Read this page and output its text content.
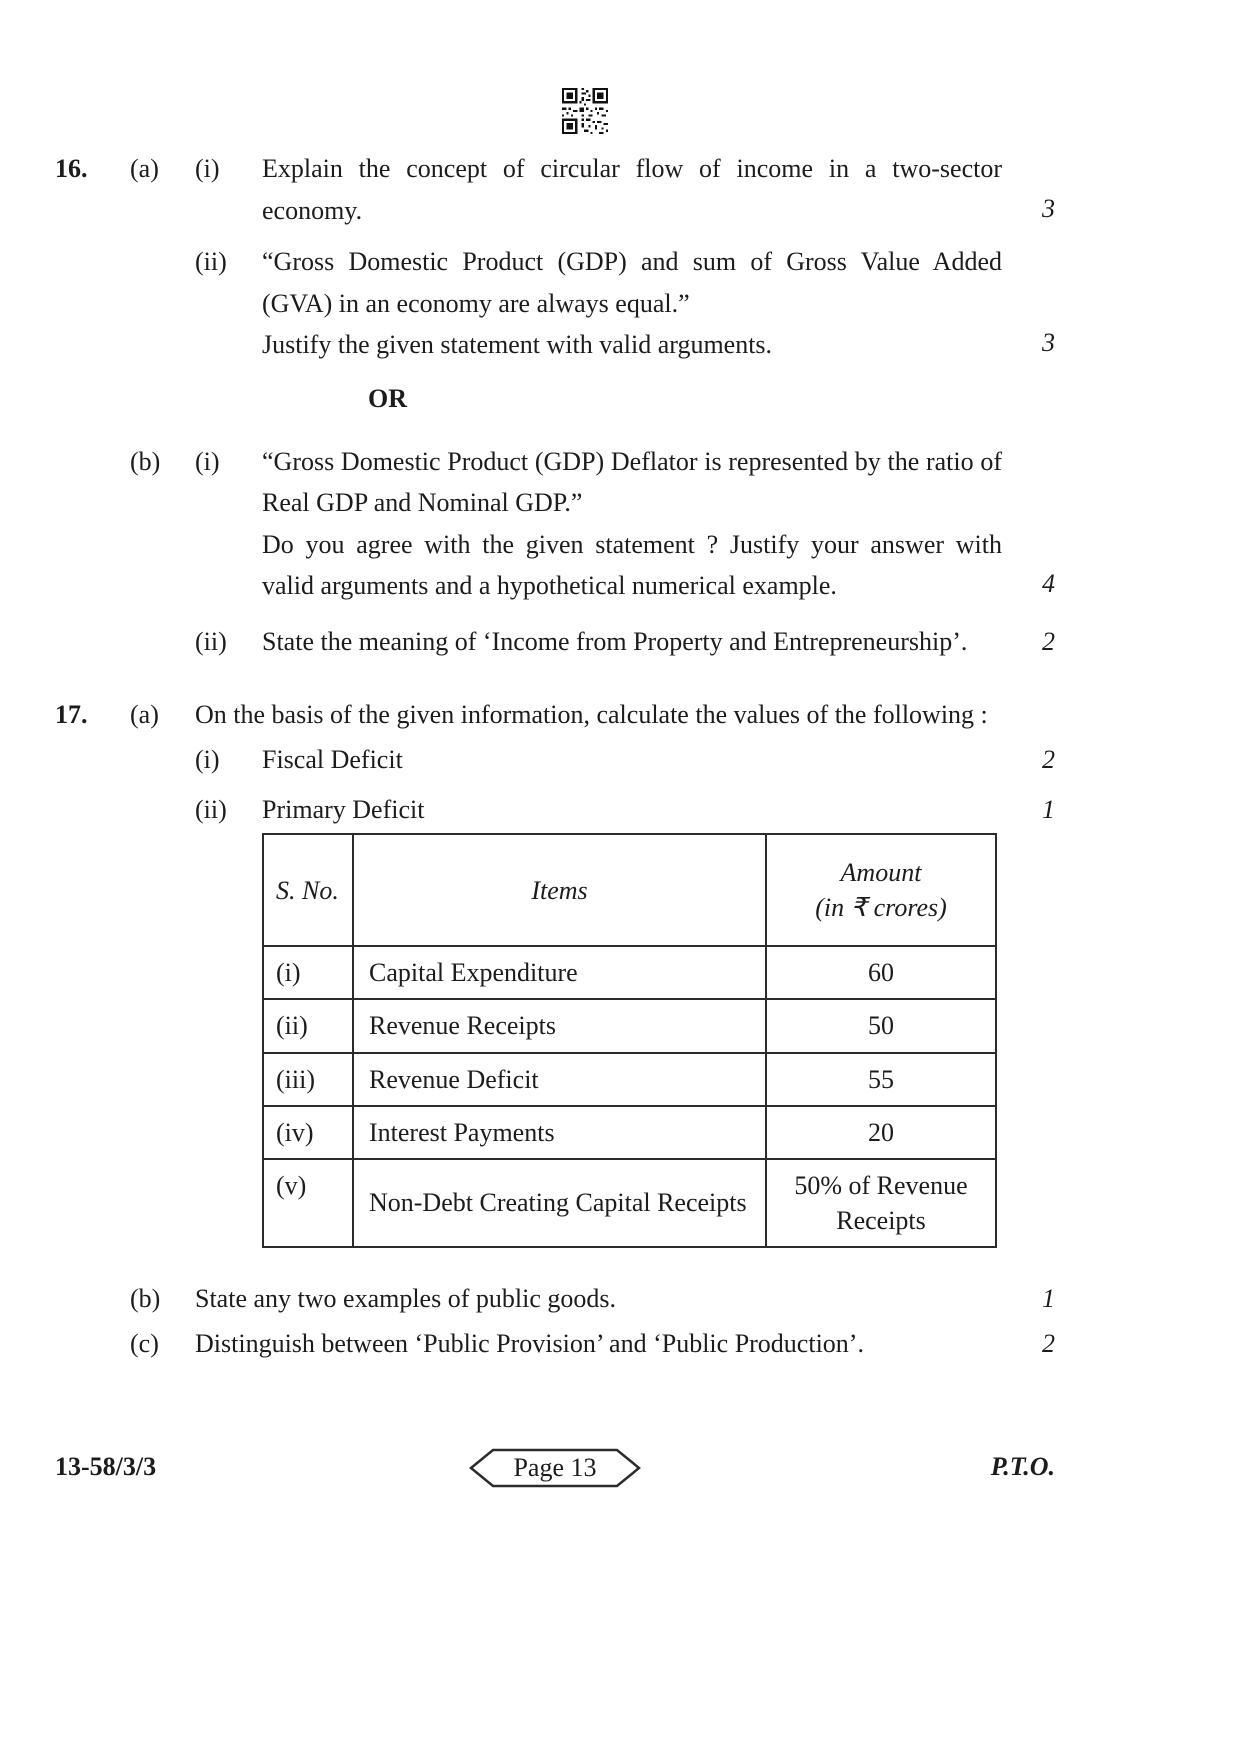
16.	(a)	(i)	Explain the concept of circular flow of income in a two-sector economy.	3
(ii)	“Gross Domestic Product (GDP) and sum of Gross Value Added (GVA) in an economy are always equal.”

Justify the given statement with valid arguments.	3
OR
(b)	(i)	“Gross Domestic Product (GDP) Deflator is represented by the ratio of Real GDP and Nominal GDP.”

Do you agree with the given statement ? Justify your answer with valid arguments and a hypothetical numerical example.	4
(ii)	State the meaning of ‘Income from Property and Entrepreneurship’.	2
17.	(a)	On the basis of the given information, calculate the values of the following :

(i)	Fiscal Deficit	2
(ii)	Primary Deficit	1
S. No.	Items	Amount
(in ₹ crores)

(i)	Capital Expenditure	60
(ii)	Revenue Receipts	50
(iii)	Revenue Deficit	55
(iv)	Interest Payments	20
(v)	Non-Debt Creating Capital Receipts	50% of Revenue Receipts
(b)	State any two examples of public goods.	1
(c)	Distinguish between ‘Public Provision’ and ‘Public Production’.	2
13-58/3/3	Page 13	P.T.O.
